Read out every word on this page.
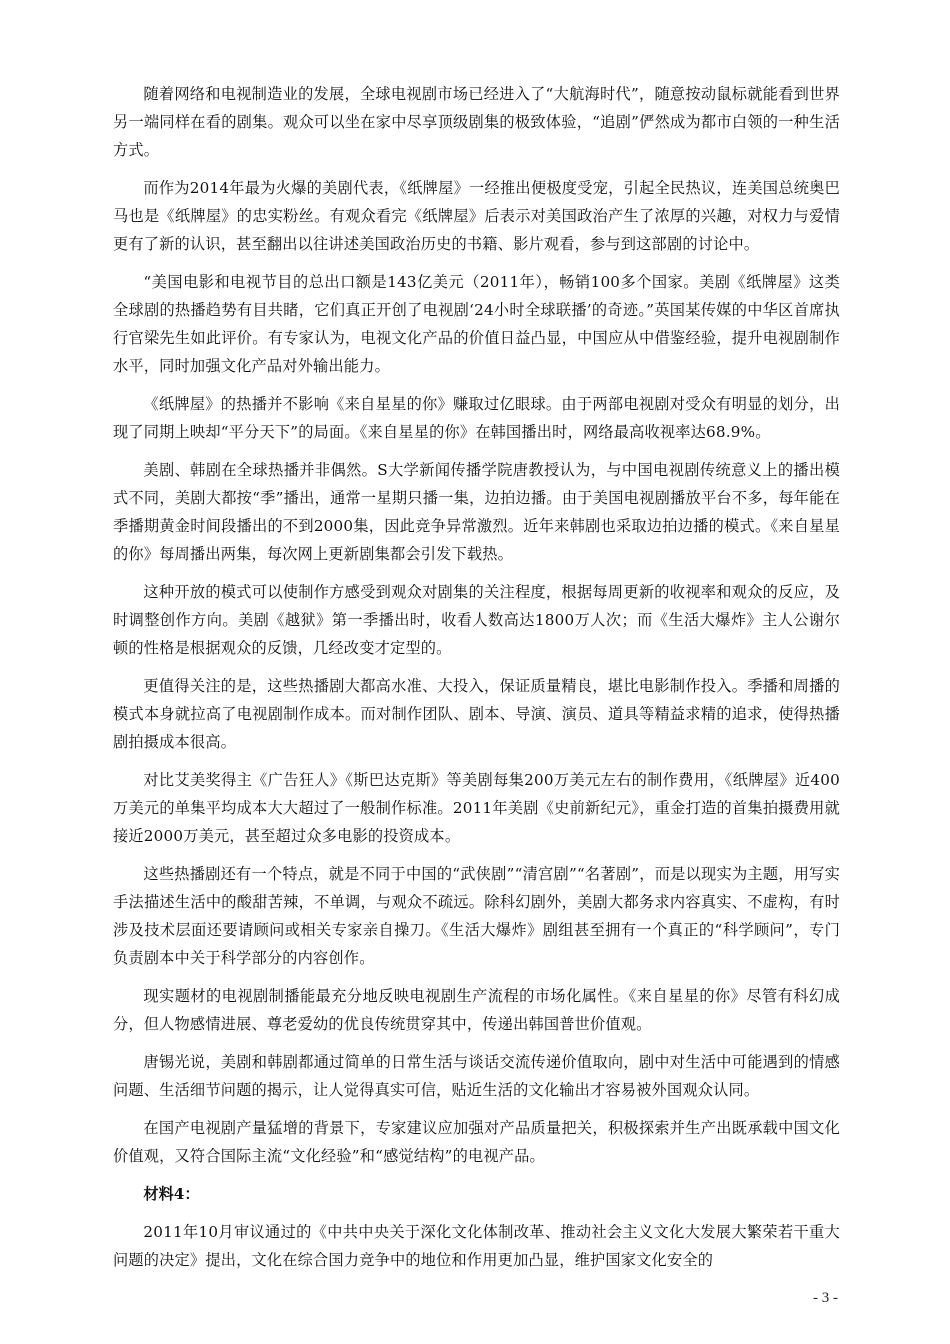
随着网络和电视制造业的发展，全球电视剧市场已经进入了“大航海时代”，随意按动鼠标就能看到世界另一端同样在看的剧集。观众可以坐在家中尽享顶级剧集的极致体验，“追剧”俨然成为都市白领的一种生活方式。

而作为2014年最为火爆的美剧代表，《纸牌屋》一经推出便极度受宠，引起全民热议，连美国总统奥巴马也是《纸牌屋》的忠实粉丝。有观众看完《纸牌屋》后表示对美国政治产生了浓厚的兴趣，对权力与爱情更有了新的认识，甚至翻出以往讲述美国政治历史的书籍、影片观看，参与到这部剧的讨论中。

“美国电影和电视节目的总出口额是143亿美元（2011年），畅销100多个国家。美剧《纸牌屋》这类全球剧的热播趋势有目共睹，它们真正开创了电视剧‘24小时全球联播’的奇迹。”英国某传媒的中华区首席执行官梁先生如此评价。有专家认为，电视文化产品的价值日益凸显，中国应从中借鉴经验，提升电视剧制作水平，同时加强文化产品对外输出能力。

《纸牌屋》的热播并不影响《来自星星的你》赚取过亿眼球。由于两部电视剧对受众有明显的划分，出现了同期上映却“平分天下”的局面。《来自星星的你》在韩国播出时，网络最高收视率达68.9%。

美剧、韩剧在全球热播并非偶然。S大学新闻传播学院唐教授认为，与中国电视剧传统意义上的播出模式不同，美剧大都按“季”播出，通常一星期只播一集，边拍边播。由于美国电视剧播放平台不多，每年能在季播期黄金时间段播出的不到2000集，因此竞争异常激烈。近年来韩剧也采取边拍边播的模式。《来自星星的你》每周播出两集，每次网上更新剧集都会引发下载热。

这种开放的模式可以使制作方感受到观众对剧集的关注程度，根据每周更新的收视率和观众的反应，及时调整创作方向。美剧《越狱》第一季播出时，收看人数高达1800万人次；而《生活大爆炸》主人公谢尔顿的性格是根据观众的反馈，几经改变才定型的。

更值得关注的是，这些热播剧大都高水准、大投入，保证质量精良，堪比电影制作投入。季播和周播的模式本身就拉高了电视剧制作成本。而对制作团队、剧本、导演、演员、道具等精益求精的追求，使得热播剧拍摄成本很高。

对比艾美奖得主《广告狂人》《斯巴达克斯》等美剧每集200万美元左右的制作费用，《纸牌屋》近400万美元的单集平均成本大大超过了一般制作标准。2011年美剧《史前新纪元》，重金打造的首集拍摄费用就接近2000万美元，甚至超过众多电影的投资成本。

这些热播剧还有一个特点，就是不同于中国的“武侠剧”“清宫剧”“名著剧”，而是以现实为主题，用写实手法描述生活中的酸甜苦辣，不单调，与观众不疏远。除科幻剧外，美剧大都务求内容真实、不虚构，有时涉及技术层面还要请顾问或相关专家亲自操刀。《生活大爆炸》剧组甚至拥有一个真正的“科学顾问”，专门负责剧本中关于科学部分的内容创作。

现实题材的电视剧制播能最充分地反映电视剧生产流程的市场化属性。《来自星星的你》尽管有科幻成分，但人物感情进展、尊老爱幼的优良传统贯穿其中，传递出韩国普世价值观。

唐锡光说，美剧和韩剧都通过简单的日常生活与谈话交流传递价值取向，剧中对生活中可能遇到的情感问题、生活细节问题的揭示，让人觉得真实可信，贴近生活的文化输出才容易被外国观众认同。

在国产电视剧产量猛增的背景下，专家建议应加强对产品质量把关，积极探索并生产出既承载中国文化价值观，又符合国际主流“文化经验”和“感觉结构”的电视产品。

材料4：

2011年10月审议通过的《中共中央关于深化文化体制改革、推动社会主义文化大发展大繁荣若干重大问题的决定》提出，文化在综合国力竞争中的地位和作用更加凸显，维护国家文化安全的

- 3 -
